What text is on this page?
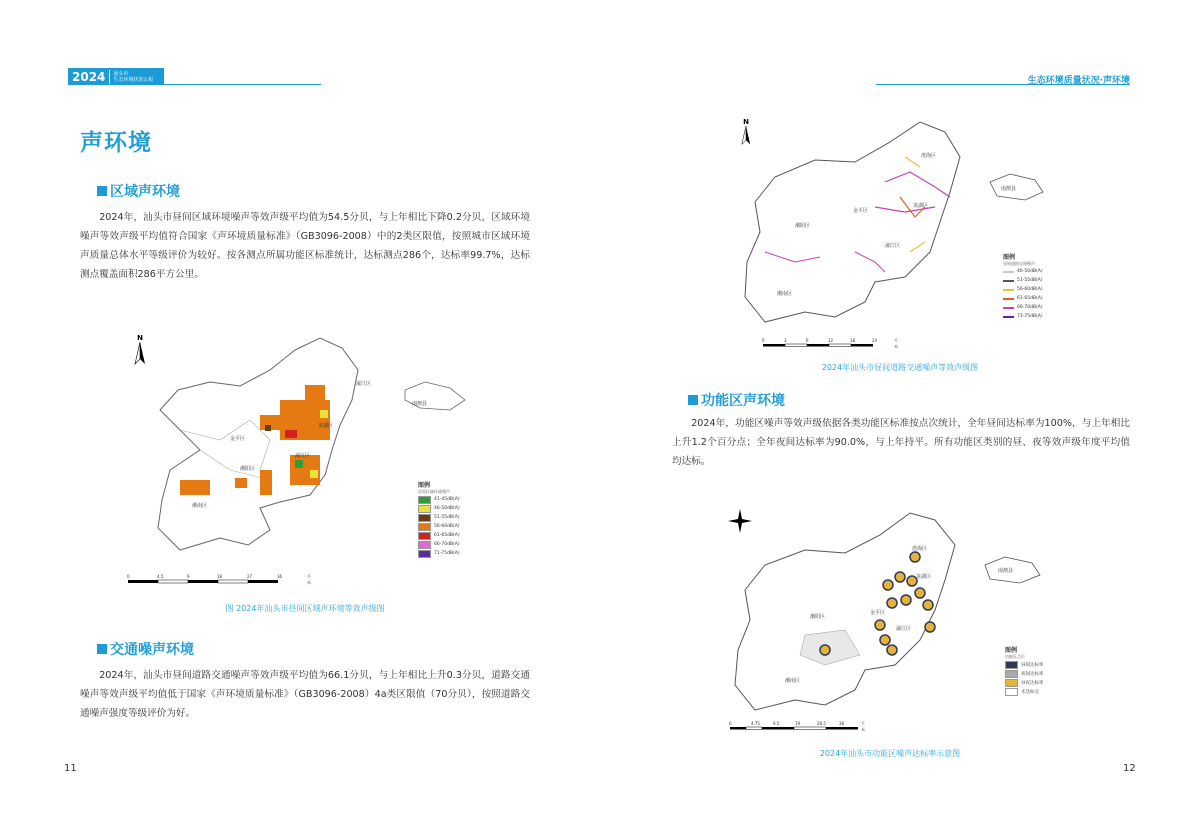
2024	汕头市
生态环境状况公报	生态环境质量状况·声环境
声环境
区域声环境
2024年，汕头市昼间区域环境噪声等效声级平均值为54.5分贝，与上年相比下降0.2分贝，区域环境噪声等效声级平均值符合国家《声环境质量标准》（GB3096-2008）中的2类区限值，按照城市区域环境声质量总体水平等级评价为较好。按各测点所属功能区标准统计，达标测点286个，达标率99.7%，达标测点覆盖面积286平方公里。
N
濠江区
南澳县
龙湖区
金平区
潮阳区
潮南区
濠江区
图例
昼间区域环境噪声
41-45dB(A)
46-50dB(A)
51-55dB(A)
56-60dB(A)
61-65dB(A)
66-70dB(A)
71-75dB(A)
0	4.5	9	18	27	36	千米
图 2024年汕头市昼间区域声环境等效声级图
交通噪声环境
2024年，汕头市昼间道路交通噪声等效声级平均值为66.1分贝，与上年相比上升0.3分贝，道路交通噪声等效声级平均值低于国家《声环境质量标准》（GB3096-2008）4a类区限值（70分贝），按照道路交通噪声强度等级评价为好。
11
N
澄海区
南澳县
金平区
龙湖区
潮阳区
濠江区
潮南区
图例
昼间道路交通噪声
46-50dB(A)
51-55dB(A)
56-60dB(A)
61-65dB(A)
66-70dB(A)
71-75dB(A)
0	3	6	12	18	24	千米
2024年汕头市昼间道路交通噪声等效声级图
功能区声环境
2024年，功能区噪声等效声级依据各类功能区标准按点次统计，全年昼间达标率为100%，与上年相比上升1.2个百分点；全年夜间达标率为90.0%，与上年持平。所有功能区类别的昼、夜等效声级年度平均值均达标。
澄海区
南澳县
龙湖区
金平区
潮阳区
濠江区
潮南区
图例
功能区点位
昼间达标率
夜间达标率
昼夜达标率
未达标点
0	4.75	9.5	19	28.5	38	千米
2024年汕头市功能区噪声达标率示意图
12
